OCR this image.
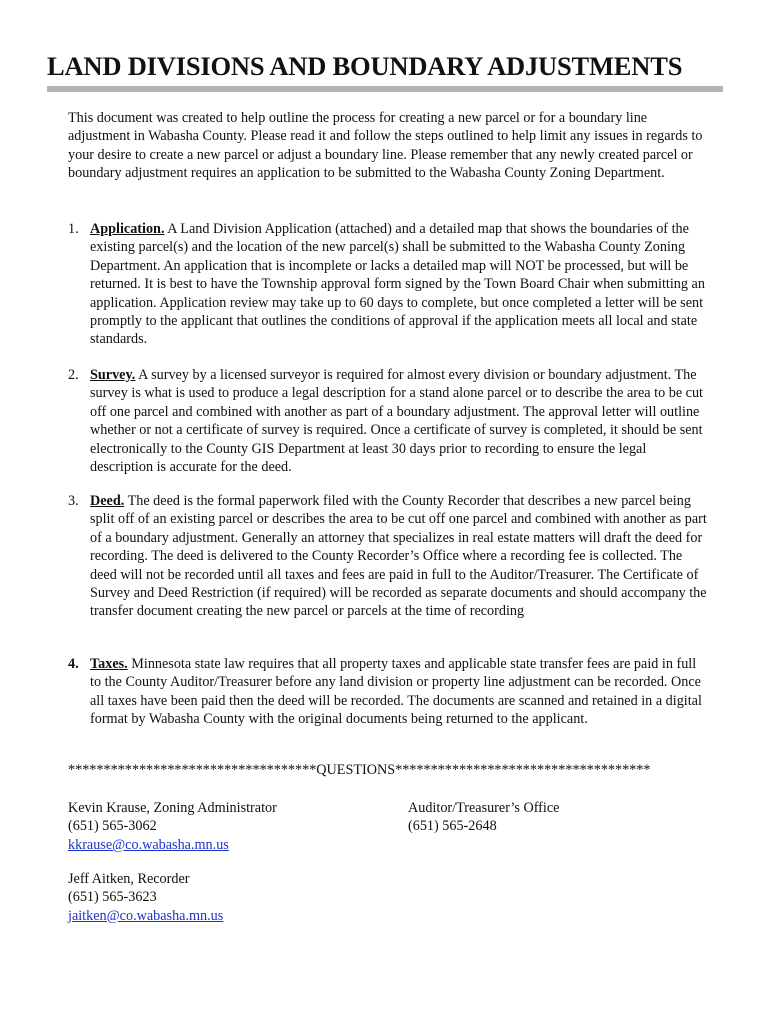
LAND DIVISIONS AND BOUNDARY ADJUSTMENTS

This document was created to help outline the process for creating a new parcel or for a boundary line adjustment in Wabasha County. Please read it and follow the steps outlined to help limit any issues in regards to your desire to create a new parcel or adjust a boundary line. Please remember that any newly created parcel or boundary adjustment requires an application to be submitted to the Wabasha County Zoning Department.

1. Application. A Land Division Application (attached) and a detailed map that shows the boundaries of the existing parcel(s) and the location of the new parcel(s) shall be submitted to the Wabasha County Zoning Department. An application that is incomplete or lacks a detailed map will NOT be processed, but will be returned. It is best to have the Township approval form signed by the Town Board Chair when submitting an application. Application review may take up to 60 days to complete, but once completed a letter will be sent promptly to the applicant that outlines the conditions of approval if the application meets all local and state standards.
2. Survey. A survey by a licensed surveyor is required for almost every division or boundary adjustment. The survey is what is used to produce a legal description for a stand alone parcel or to describe the area to be cut off one parcel and combined with another as part of a boundary adjustment. The approval letter will outline whether or not a certificate of survey is required. Once a certificate of survey is completed, it should be sent electronically to the County GIS Department at least 30 days prior to recording to ensure the legal description is accurate for the deed.
3. Deed. The deed is the formal paperwork filed with the County Recorder that describes a new parcel being split off of an existing parcel or describes the area to be cut off one parcel and combined with another as part of a boundary adjustment. Generally an attorney that specializes in real estate matters will draft the deed for recording. The deed is delivered to the County Recorder’s Office where a recording fee is collected. The deed will not be recorded until all taxes and fees are paid in full to the Auditor/Treasurer. The Certificate of Survey and Deed Restriction (if required) will be recorded as separate documents and should accompany the transfer document creating the new parcel or parcels at the time of recording
4. Taxes. Minnesota state law requires that all property taxes and applicable state transfer fees are paid in full to the County Auditor/Treasurer before any land division or property line adjustment can be recorded. Once all taxes have been paid then the deed will be recorded. The documents are scanned and retained in a digital format by Wabasha County with the original documents being returned to the applicant.
***********************************QUESTIONS************************************
Kevin Krause, Zoning Administrator
(651) 565-3062
kkrause@co.wabasha.mn.us
Auditor/Treasurer’s Office
(651) 565-2648
Jeff Aitken, Recorder
(651) 565-3623
jaitken@co.wabasha.mn.us
